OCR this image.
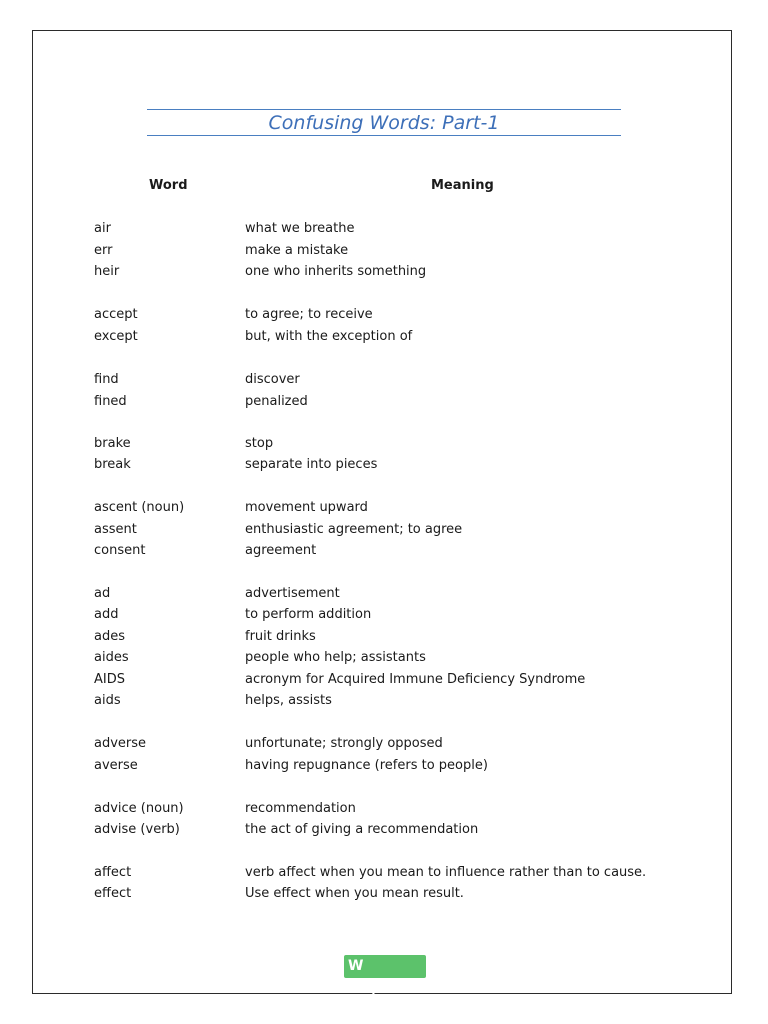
Confusing Words: Part-1
Word	Meaning
air	what we breathe
err	make a mistake
heir	one who inherits something
accept	to agree; to receive
except	but, with the exception of
find	discover
fined	penalized
brake	stop
break	separate into pieces
ascent (noun)	movement upward
assent	enthusiastic agreement; to agree
consent	agreement
ad	advertisement
add	to perform addition
ades	fruit drinks
aides	people who help; assistants
AIDS	acronym for Acquired Immune Deficiency Syndrome
aids	helps, assists
adverse	unfortunate; strongly opposed
averse	having repugnance (refers to people)
advice (noun)	recommendation
advise (verb)	the act of giving a recommendation
affect	verb affect when you mean to influence rather than to cause.
effect	Use effect when you mean result.
Wordpandit
